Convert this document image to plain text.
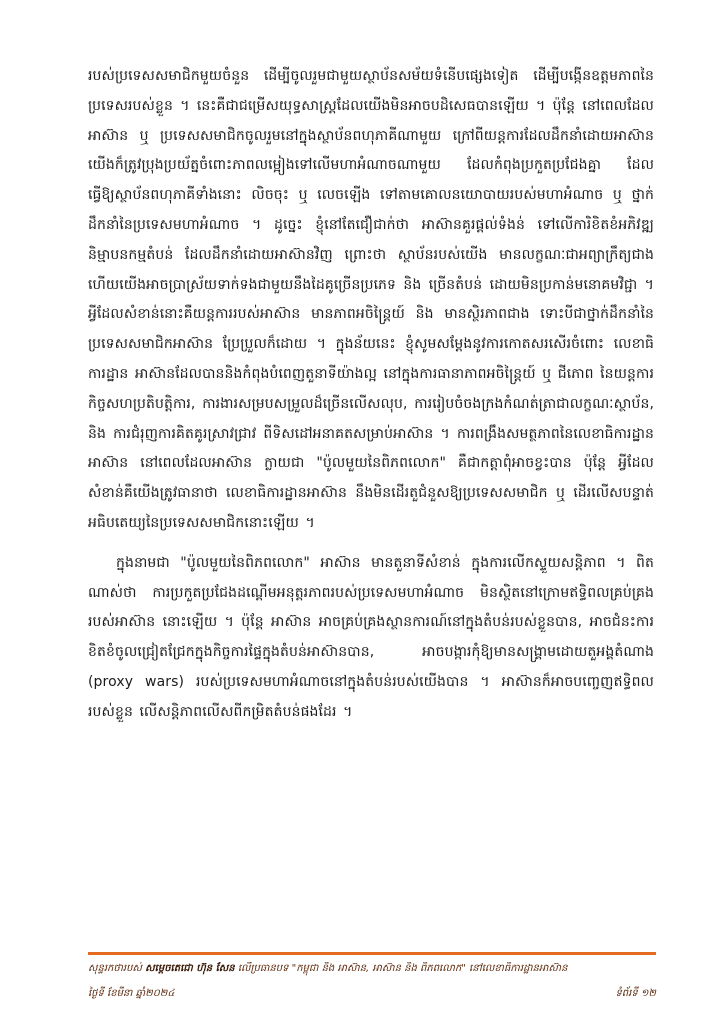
របស់ប្រទេសសមាជិកមួយចំនួន ដើម្បីចូលរួមជាមួយស្ថាប័នសម័យទំនើបផ្សេងទៀត ដើម្បីបង្កើនឧត្តមភាពនៃប្រទេសរបស់ខ្លួន ។ នេះគឺជាជម្រើសយុទ្ធសាស្ត្រដែលយើងមិនអាចបដិសេធបានឡើយ ។ ប៉ុន្តែ នៅពេលដែលអាស៊ាន ឬ ប្រទេសសមាជិកចូលរួមនៅក្នុងស្ថាប័នពហុភាគីណាមួយ ក្រៅពីយន្តការដែលដឹកនាំដោយអាស៊ាន យើងក៏ត្រូវប្រុងប្រយ័ត្នចំពោះភាពលម្អៀងទៅលើមហាអំណាចណាមួយ ដែលកំពុងប្រកួតប្រជែងគ្នា ដែលធ្វើឱ្យស្ថាប័នពហុភាគីទាំងនោះ លិចចុះ ឬ លេចឡើង ទៅតាមគោលនយោបាយរបស់មហាអំណាច ឬ ថ្នាក់ដឹកនាំនៃប្រទេសមហាអំណាច ។ ដូច្នេះ ខ្ញុំនៅតែជឿជាក់ថា អាស៊ានគួរផ្ដល់ទំងន់ ទៅលើការិខិតខំអភិវឌ្ឍនិម្មាបនកម្មតំបន់ ដែលដឹកនាំដោយអាស៊ានវិញ ព្រោះថា ស្ថាប័នរបស់យើង មានលក្ខណៈជាអព្យាក្រឹត្យជាង ហើយយើងអាចប្រាស្រ័យទាក់ទងជាមួយនឹងដៃគូច្រើនប្រភេទ និង ច្រើនតំបន់ ដោយមិនប្រកាន់មនោគមវិជ្ជា ។ អ្វីដែលសំខាន់នោះគឺយន្តការរបស់អាស៊ាន មានភាពអចិន្ត្រៃយ៍ និង មានស្ថិរភាពជាង ទោះបីជាថ្នាក់ដឹកនាំនៃប្រទេសសមាជិកអាស៊ាន ប្រែប្រួលក៏ដោយ ។ ក្នុងន័យនេះ ខ្ញុំសូមសម្ដែងនូវការកោតសរសើរចំពោះ លេខាធិការដ្ឋាន អាស៊ានដែលបាននិងកំពុងបំពេញតួនាទីយ៉ាងល្អ នៅក្នុងការធានាភាពអចិន្ត្រៃយ៍ ឬ ជីភោព នៃយន្តការកិច្ចសហប្រតិបត្តិការ, ការងារសម្របសម្រួលដ៏ច្រើនលើសលុប, ការរៀបចំចងក្រងកំណត់ត្រាជាលក្ខណៈស្ថាប័ន, និង ការជំរុញការគិតគូរស្រាវជ្រាវ ពីទិសដៅអនាគតសម្រាប់អាស៊ាន ។ ការពង្រឹងសមត្ថភាពនៃលេខាធិការដ្ឋានអាស៊ាន នៅពេលដែលអាស៊ាន ក្លាយជា "ប៉ូលមួយនៃពិភពលោក" គឺជាកត្តាពុំអាចខ្វះបាន ប៉ុន្តែ អ្វីដែលសំខាន់គឺយើងត្រូវធានាថា លេខាធិការដ្ឋានអាស៊ាន នឹងមិនដើរតួជំនួសឱ្យប្រទេសសមាជិក ឬ ដើរលើសបន្ទាត់អធិបតេយ្យនៃប្រទេសសមាជិកនោះឡើយ ។

ក្នុងនាមជា "ប៉ូលមួយនៃពិភពលោក" អាស៊ាន មានតួនាទីសំខាន់ ក្នុងការលើកស្ទួយសន្តិភាព ។ ពិតណាស់ថា ការប្រកួតប្រជែងដណ្ដើមអនុត្តរភាពរបស់ប្រទេសមហាអំណាច មិនស្ថិតនៅក្រោមឥទ្ធិពលគ្រប់គ្រងរបស់អាស៊ាន នោះឡើយ ។ ប៉ុន្តែ អាស៊ាន អាចគ្រប់គ្រងស្ថានការណ៍នៅក្នុងតំបន់របស់ខ្លួនបាន, អាចជំនះការខិតខំចូលជ្រៀតជ្រែកក្នុងកិច្ចការផ្ទៃក្នុងតំបន់អាស៊ានបាន, អាចបង្ការកុំឱ្យមានសង្គ្រាមដោយតួអង្គតំណាង (proxy wars) របស់ប្រទេសមហាអំណាចនៅក្នុងតំបន់របស់យើងបាន ។ អាស៊ានក៏អាចបញ្ចេញឥទ្ធិពលរបស់ខ្លួន លើសន្តិភាពលើសពីកម្រិតតំបន់ផងដែរ ។

សុន្ទរកថារបស់ សម្ដេចតេជោ ហ៊ុន សែន លើប្រធានបទ "កម្ពុជា និង អាស៊ាន, អាស៊ាន និង ពិភពលោក" នៅលេខាធិការដ្ឋានអាស៊ាន
ថ្ងៃទី ខែមីនា ឆ្នាំ២០២៤	ទំព័រទី ១២
